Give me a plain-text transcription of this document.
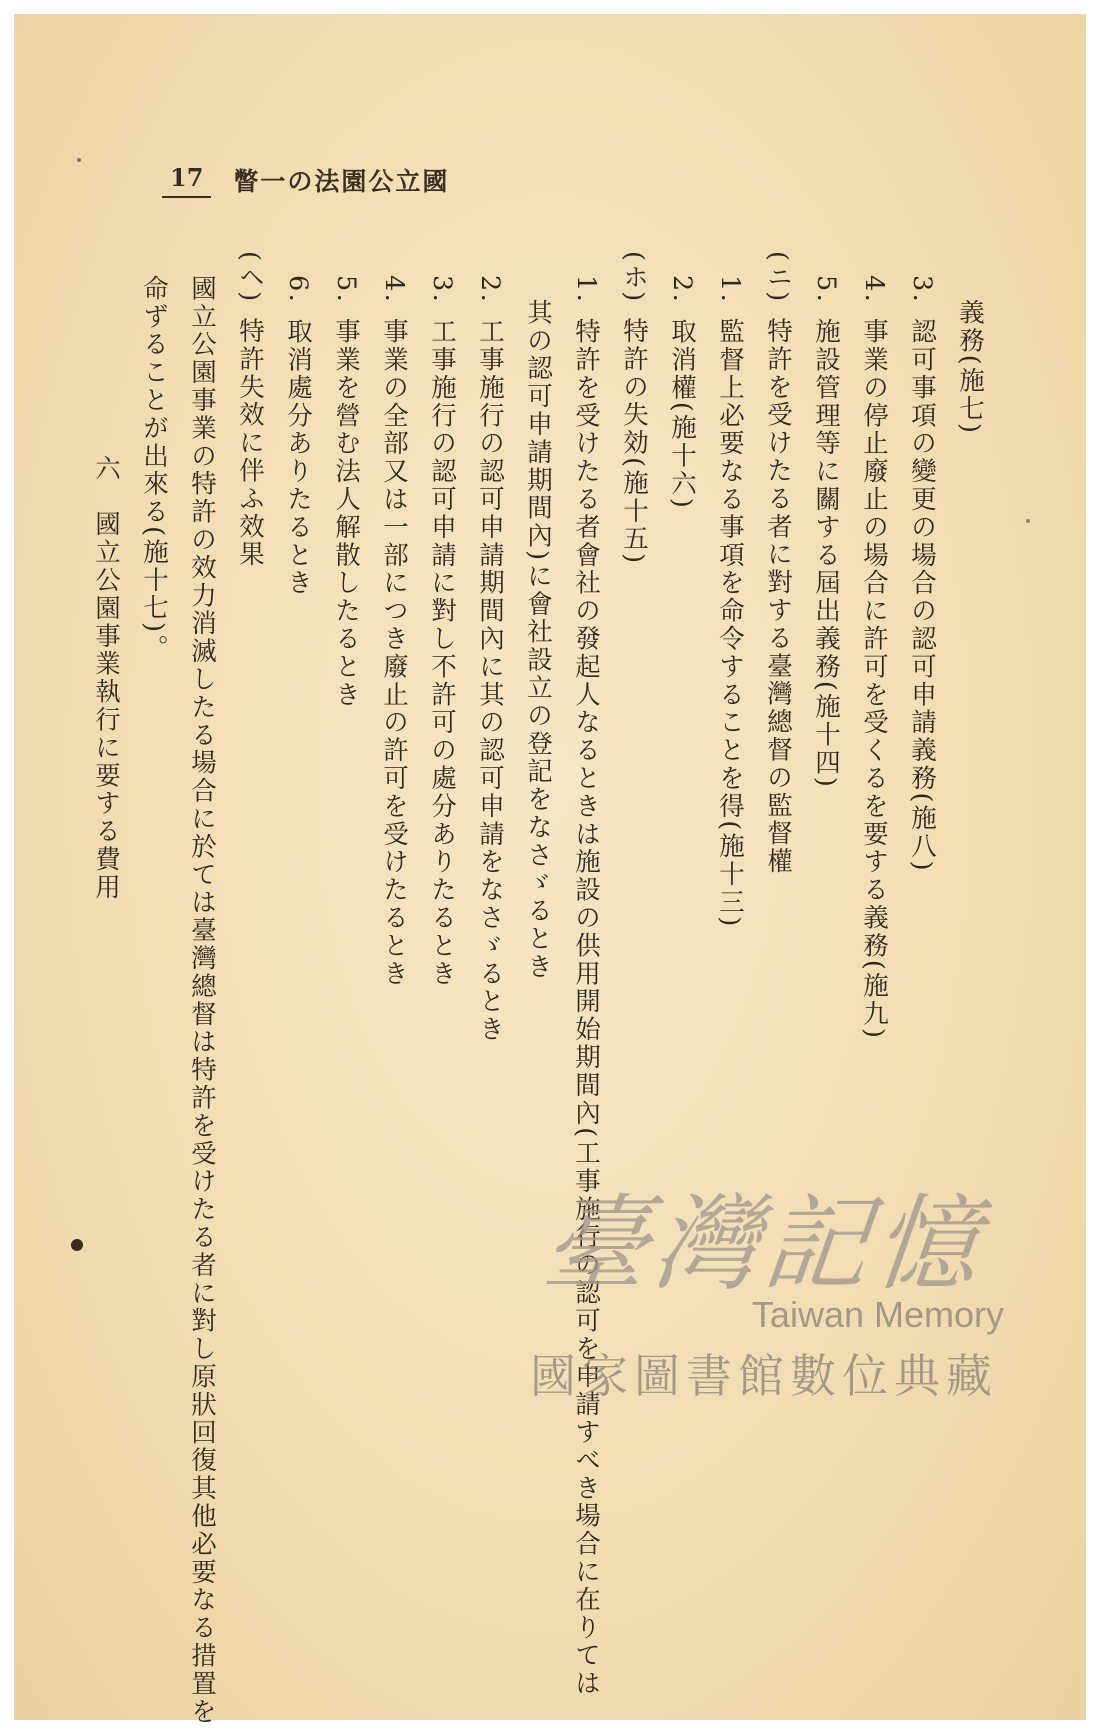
17	國立公園法の一瞥
義務(施七)
3.認可事項の變更の場合の認可申請義務(施八)
4.事業の停止廢止の場合に許可を受くるを要する義務(施九)
5.施設管理等に關する屆出義務(施十四)
(ニ)特許を受けたる者に對する臺灣總督の監督權
1.監督上必要なる事項を命令することを得(施十三)
2.取消權(施十六)
(ホ)特許の失効(施十五)
1.特許を受けたる者會社の發起人なるときは施設の供用開始期間內(工事施行の認可を申請すべき場合に在りては
其の認可申請期間內)に會社設立の登記をなさゞるとき
2.工事施行の認可申請期間內に其の認可申請をなさゞるとき
3.工事施行の認可申請に對し不許可の處分ありたるとき
4.事業の全部又は一部につき廢止の許可を受けたるとき
5.事業を營む法人解散したるとき
6.取消處分ありたるとき
(ヘ)特許失效に伴ふ效果
國立公園事業の特許の效力消滅したる場合に於ては臺灣總督は特許を受けたる者に對し原狀回復其他必要なる措置を
命ずることが出來る(施十七)。
六　國立公園事業執行に要する費用
臺灣記憶
Taiwan Memory
國家圖書館數位典藏
